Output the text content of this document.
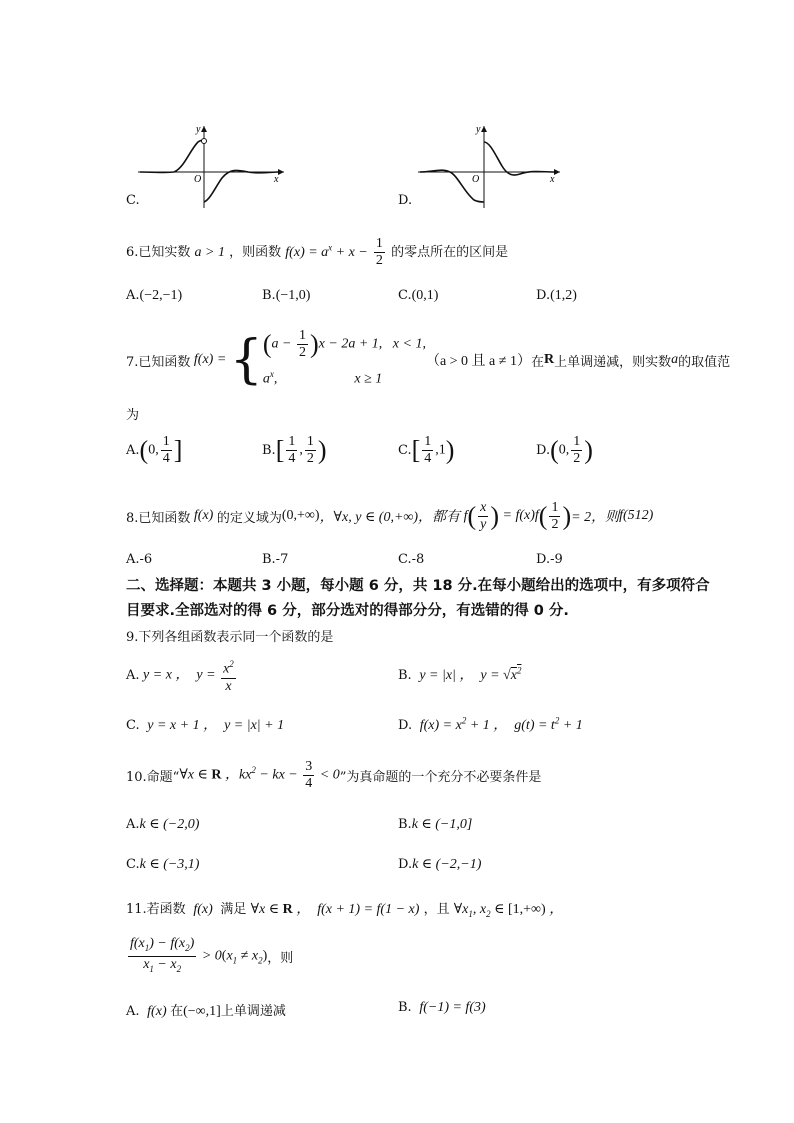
y
O	x
C.
y
O	x
D.
6.已知实数 a > 1 ，则函数 $f(x) = a^x + x - \frac{1}{2}$ 的零点所在的区间是
A.(−2,−1)	B.(−1,0)	C.(0,1)	D.(1,2)
7.已知函数 f(x) = { $(a - \frac{1}{2} )x - 2a + 1$,   x < 1,
$a^x$,                      x ≥ 1
（a > 0 且 a ≠ 1） 在 R 上单调递减，则实数 a 的取值范
为
A. (0, $\frac{1}{4}$ ]	B. [ $\frac{1}{4}$ , $\frac{1}{2}$ )	C. [ $\frac{1}{4} ,1$)	D. (0, $\frac{1}{2}$ )
8.已知函数 f(x) 的定义域为 (0,+∞) ，∀x, y ∈ (0,+∞)，都有 $f( \frac{x}{y}$ ) = f(x)f ( $\frac{1}{2}$ ) = 2，则 f(512)
A.-6	B.-7	C.-8	D.-9
二、选择题：本题共 3 小题，每小题 6 分，共 18 分.在每小题给出的选项中，有多项符合
目要求.全部选对的得 6 分，部分选对的得部分分，有选错的得 0 分.
9.下列各组函数表示同一个函数的是
A. y = x ，  $y = \frac{x^2}{x}$	B.  y = |x| ，  $y = √x^2$
C.  y = x + 1 ，  y = |x| + 1	D.  $f(x) = x^2 + 1$ ，  $g(t) = t^2 + 1$
10.命题“ ∀x ∈ R ，$kx^2$ − kx − $\frac{3}{4} < 0$ ”为真命题的一个充分不必要条件是
A.k ∈ (−2,0)	B.k ∈ (−1,0]
C.k ∈ (−3,1)	D.k ∈ (−2,−1)
11.若函数  f(x)  满足 ∀x ∈ R ，  f(x + 1) = f(1 − x) ，且 $\forall x_1$, $x_2$ ∈ [1,+∞) ，
$\frac{f(x_1) - f(x_2)}{x_1 - x_2} > 0(x_1 \ne x_2)$ ，则
A.  f(x) 在(−∞,1]上单调递减	B.  f(−1) = f(3)
